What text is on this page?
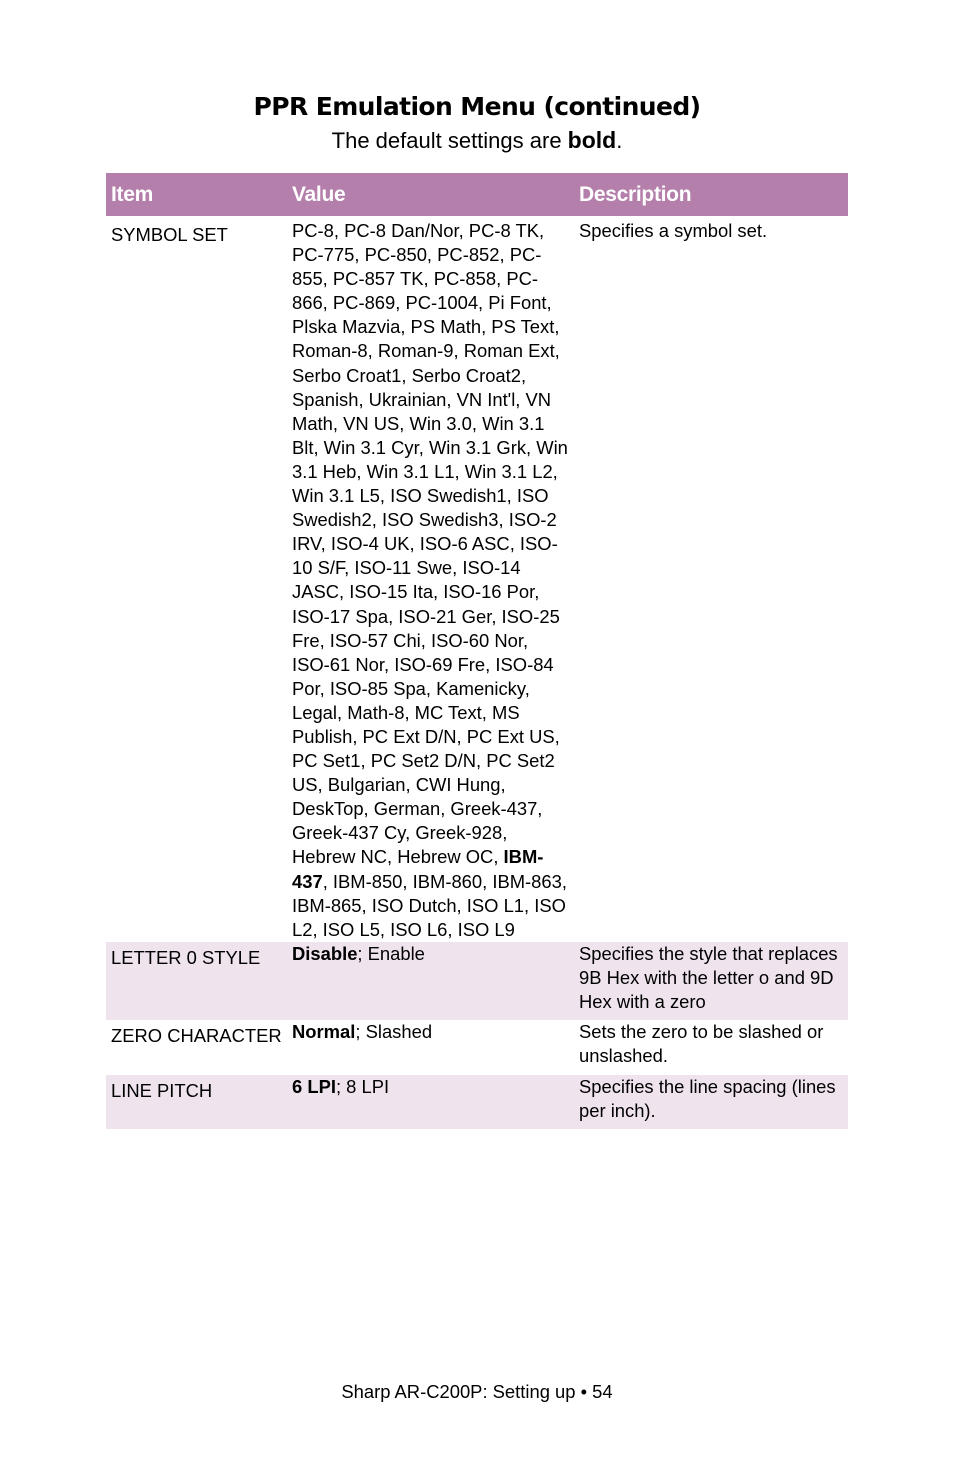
PPR Emulation Menu (continued)
The default settings are bold.
Item	Value	Description
SYMBOL SET	PC-8, PC-8 Dan/Nor, PC-8 TK, PC-775, PC-850, PC-852, PC-855, PC-857 TK, PC-858, PC-866, PC-869, PC-1004, Pi Font, Plska Mazvia, PS Math, PS Text, Roman-8, Roman-9, Roman Ext, Serbo Croat1, Serbo Croat2, Spanish, Ukrainian, VN Int'l, VN Math, VN US, Win 3.0, Win 3.1 Blt, Win 3.1 Cyr, Win 3.1 Grk, Win 3.1 Heb, Win 3.1 L1, Win 3.1 L2, Win 3.1 L5, ISO Swedish1, ISO Swedish2, ISO Swedish3, ISO-2 IRV, ISO-4 UK, ISO-6 ASC, ISO-10 S/F, ISO-11 Swe, ISO-14 JASC, ISO-15 Ita, ISO-16 Por, ISO-17 Spa, ISO-21 Ger, ISO-25 Fre, ISO-57 Chi, ISO-60 Nor, ISO-61 Nor, ISO-69 Fre, ISO-84 Por, ISO-85 Spa, Kamenicky, Legal, Math-8, MC Text, MS Publish, PC Ext D/N, PC Ext US, PC Set1, PC Set2 D/N, PC Set2 US, Bulgarian, CWI Hung, DeskTop, German, Greek-437, Greek-437 Cy, Greek-928, Hebrew NC, Hebrew OC, IBM-437, IBM-850, IBM-860, IBM-863, IBM-865, ISO Dutch, ISO L1, ISO L2, ISO L5, ISO L6, ISO L9	Specifies a symbol set.
LETTER 0 STYLE	Disable; Enable	Specifies the style that replaces 9B Hex with the letter o and 9D Hex with a zero
ZERO CHARACTER	Normal; Slashed	Sets the zero to be slashed or unslashed.
LINE PITCH	6 LPI; 8 LPI	Specifies the line spacing (lines per inch).
Sharp AR-C200P: Setting up • 54
